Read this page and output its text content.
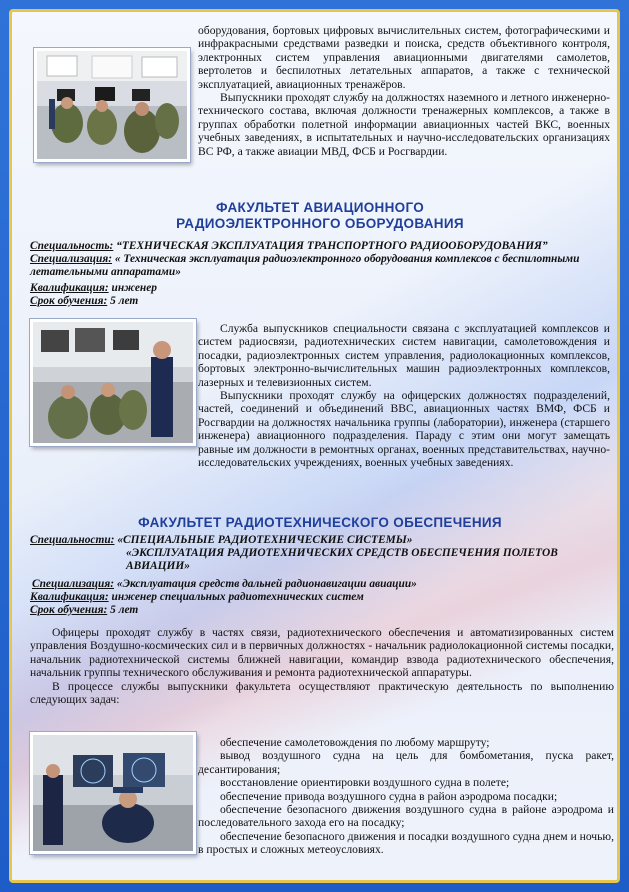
оборудования, бортовых цифровых вычислительных систем, фотографическими и инфракрасными средствами разведки и поиска, средств объективного контроля, электронных систем управления авиационными двигателями самолетов, вертолетов и беспилотных летательных аппаратов, а также с технической эксплуатацией, авиационных тренажёров.

Выпускники проходят службу на должностях наземного и летного инженерно-технического состава, включая должности тренажерных комплексов, а также в группах обработки полетной информации авиационных частей ВКС, военных учебных заведениях, в испытательных и научно-исследовательских организациях ВС РФ, а также авиации МВД, ФСБ и Росгвардии.

ФАКУЛЬТЕТ АВИАЦИОННОГО
РАДИОЭЛЕКТРОННОГО ОБОРУДОВАНИЯ

Специальность: “ТЕХНИЧЕСКАЯ ЭКСПЛУАТАЦИЯ ТРАНСПОРТНОГО РАДИООБОРУДОВАНИЯ”

Специализация: « Техническая эксплуатация радиоэлектронного оборудования комплексов с беспилотными летательными аппаратами»

Квалификация: инженер

Срок обучения: 5 лет

Служба выпускников специальности связана с эксплуатацией комплексов и систем радиосвязи, радиотехнических систем навигации, самолетовождения и посадки, радиоэлектронных систем управления, радиолокационных комплексов, бортовых электронно-вычислительных машин радиоэлектронных комплексов, лазерных и телевизионных систем.

Выпускники проходят службу на офицерских должностях подразделений, частей, соединений и объединений ВВС, авиационных частях ВМФ, ФСБ и Росгвардии на должностях начальника группы (лаборатории), инженера (старшего инженера) авиационного подразделения. Параду с этим они могут замещать равные им должности в ремонтных органах, военных представительствах, научно-исследовательских учреждениях, военных учебных заведениях.

ФАКУЛЬТЕТ РАДИОТЕХНИЧЕСКОГО ОБЕСПЕЧЕНИЯ

Специальности: «СПЕЦИАЛЬНЫЕ РАДИОТЕХНИЧЕСКИЕ СИСТЕМЫ»

«ЭКСПЛУАТАЦИЯ РАДИОТЕХНИЧЕСКИХ СРЕДСТВ ОБЕСПЕЧЕНИЯ ПОЛЕТОВ АВИАЦИИ»

Специализация: «Эксплуатация средств дальней радионавигации авиации»

Квалификация: инженер специальных радиотехнических систем

Срок обучения: 5 лет

Офицеры проходят службу в частях связи, радиотехнического обеспечения и автоматизированных систем управления Воздушно-космических сил и в первичных должностях - начальник радиолокационной системы посадки, начальник радиотехнической системы ближней навигации, командир взвода радиотехнического обеспечения, начальник группы технического обслуживания и ремонта радиотехнической аппаратуры.

В процессе службы выпускники факультета осуществляют практическую деятельность по выполнению следующих задач:

обеспечение самолетовождения по любому маршруту;

вывод воздушного судна на цель для бомбометания, пуска ракет, десантирования;

восстановление ориентировки воздушного судна в полете;

обеспечение привода воздушного судна в район аэродрома посадки;

обеспечение безопасного движения воздушного судна в районе аэродрома и последовательного захода его на посадку;

обеспечение безопасного движения и посадки воздушного судна днем и ночью, в простых и сложных метеоусловиях.
